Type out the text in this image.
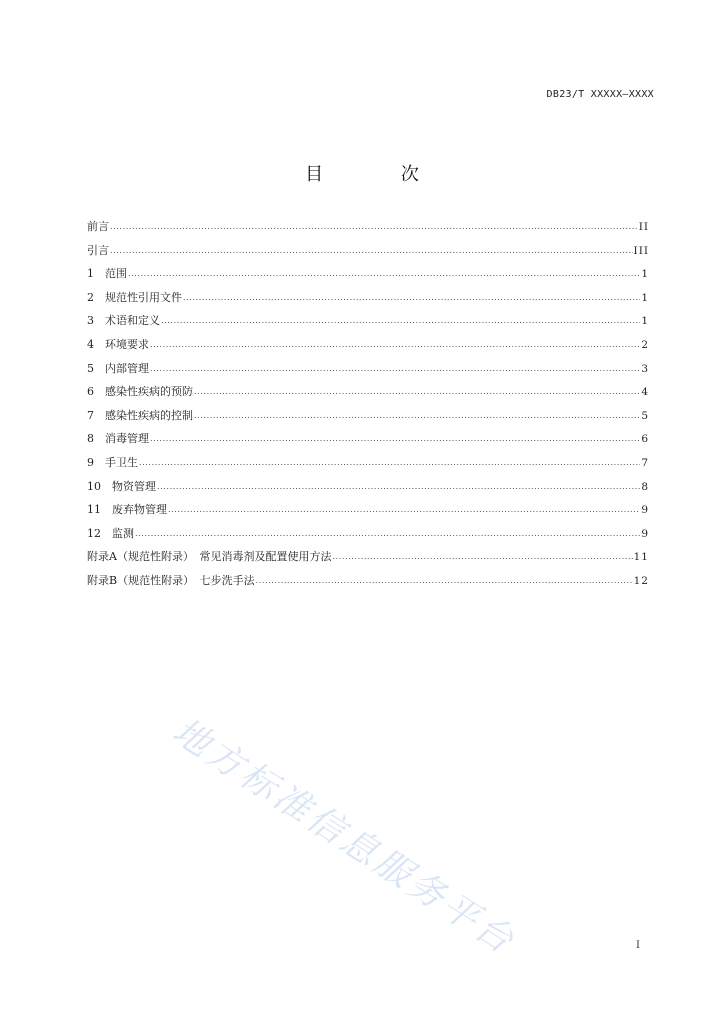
DB23/T XXXXX—XXXX
目 次
前言 .....	II
引言 .....	III
1　范围 .....	1
2　规范性引用文件 .....	1
3　术语和定义 .....	1
4　环境要求 .....	2
5　内部管理 .....	3
6　感染性疾病的预防 .....	4
7　感染性疾病的控制 .....	5
8　消毒管理 .....	6
9　手卫生 .....	7
10　物资管理 .....	8
11　废弃物管理 .....	9
12　监测 .....	9
附录A（规范性附录）　常见消毒剂及配置使用方法 .....	11
附录B（规范性附录）　七步洗手法 .....	12
地方标准信息服务平台	I
